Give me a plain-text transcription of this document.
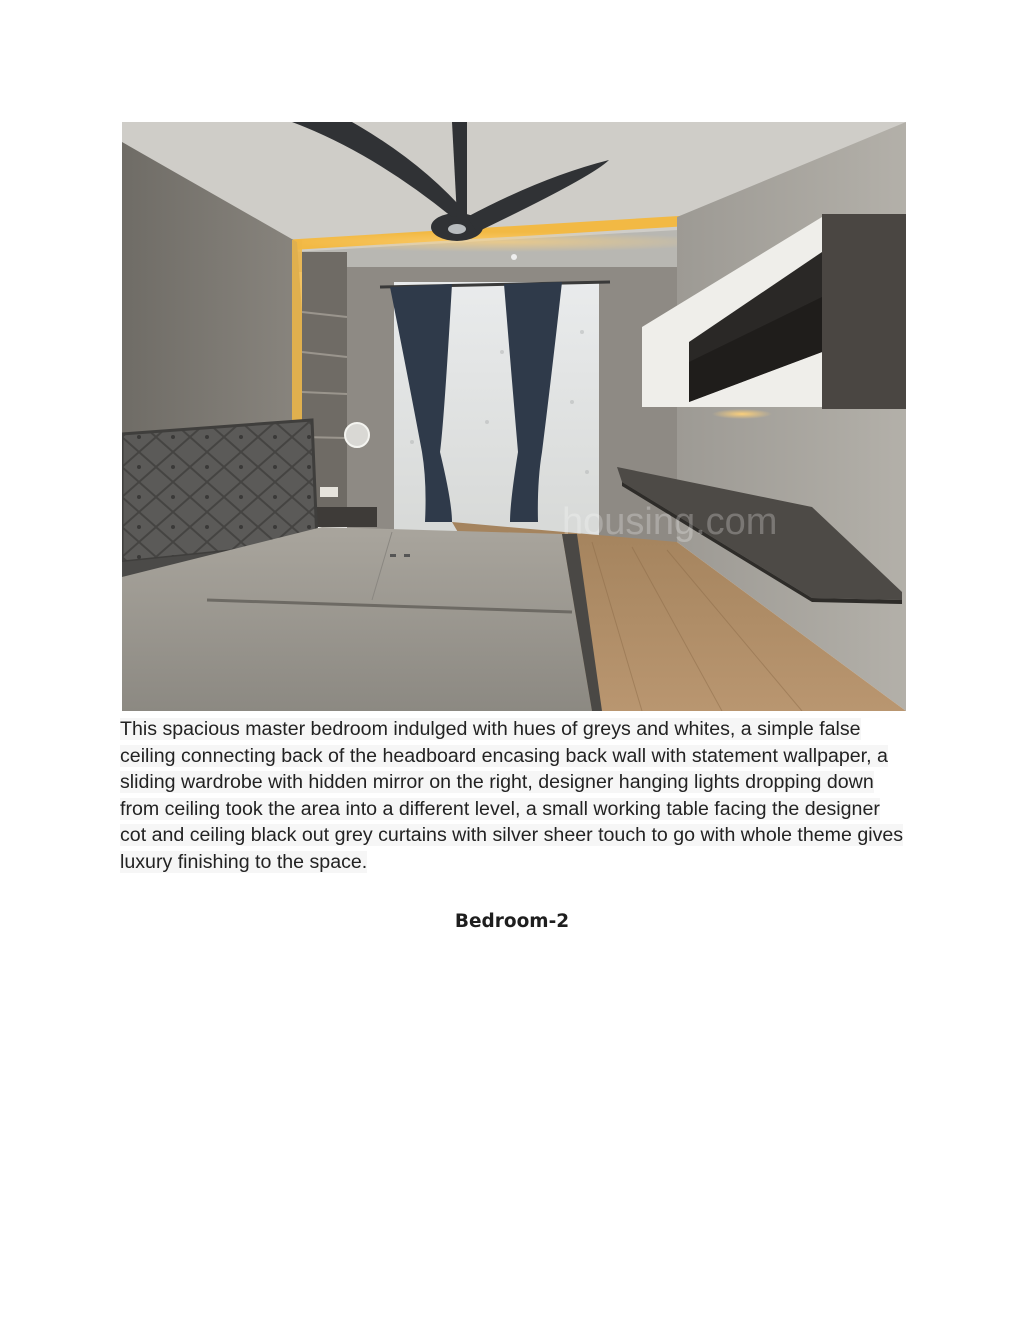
housing.com
This spacious master bedroom indulged with hues of greys and whites, a simple false ceiling connecting back of the headboard encasing back wall with statement wallpaper, a sliding wardrobe with hidden mirror on the right, designer hanging lights dropping down from ceiling took the area into a different level, a small working table facing the designer cot and ceiling black out grey curtains with silver sheer touch to go with whole theme gives luxury finishing to the space.
Bedroom-2
